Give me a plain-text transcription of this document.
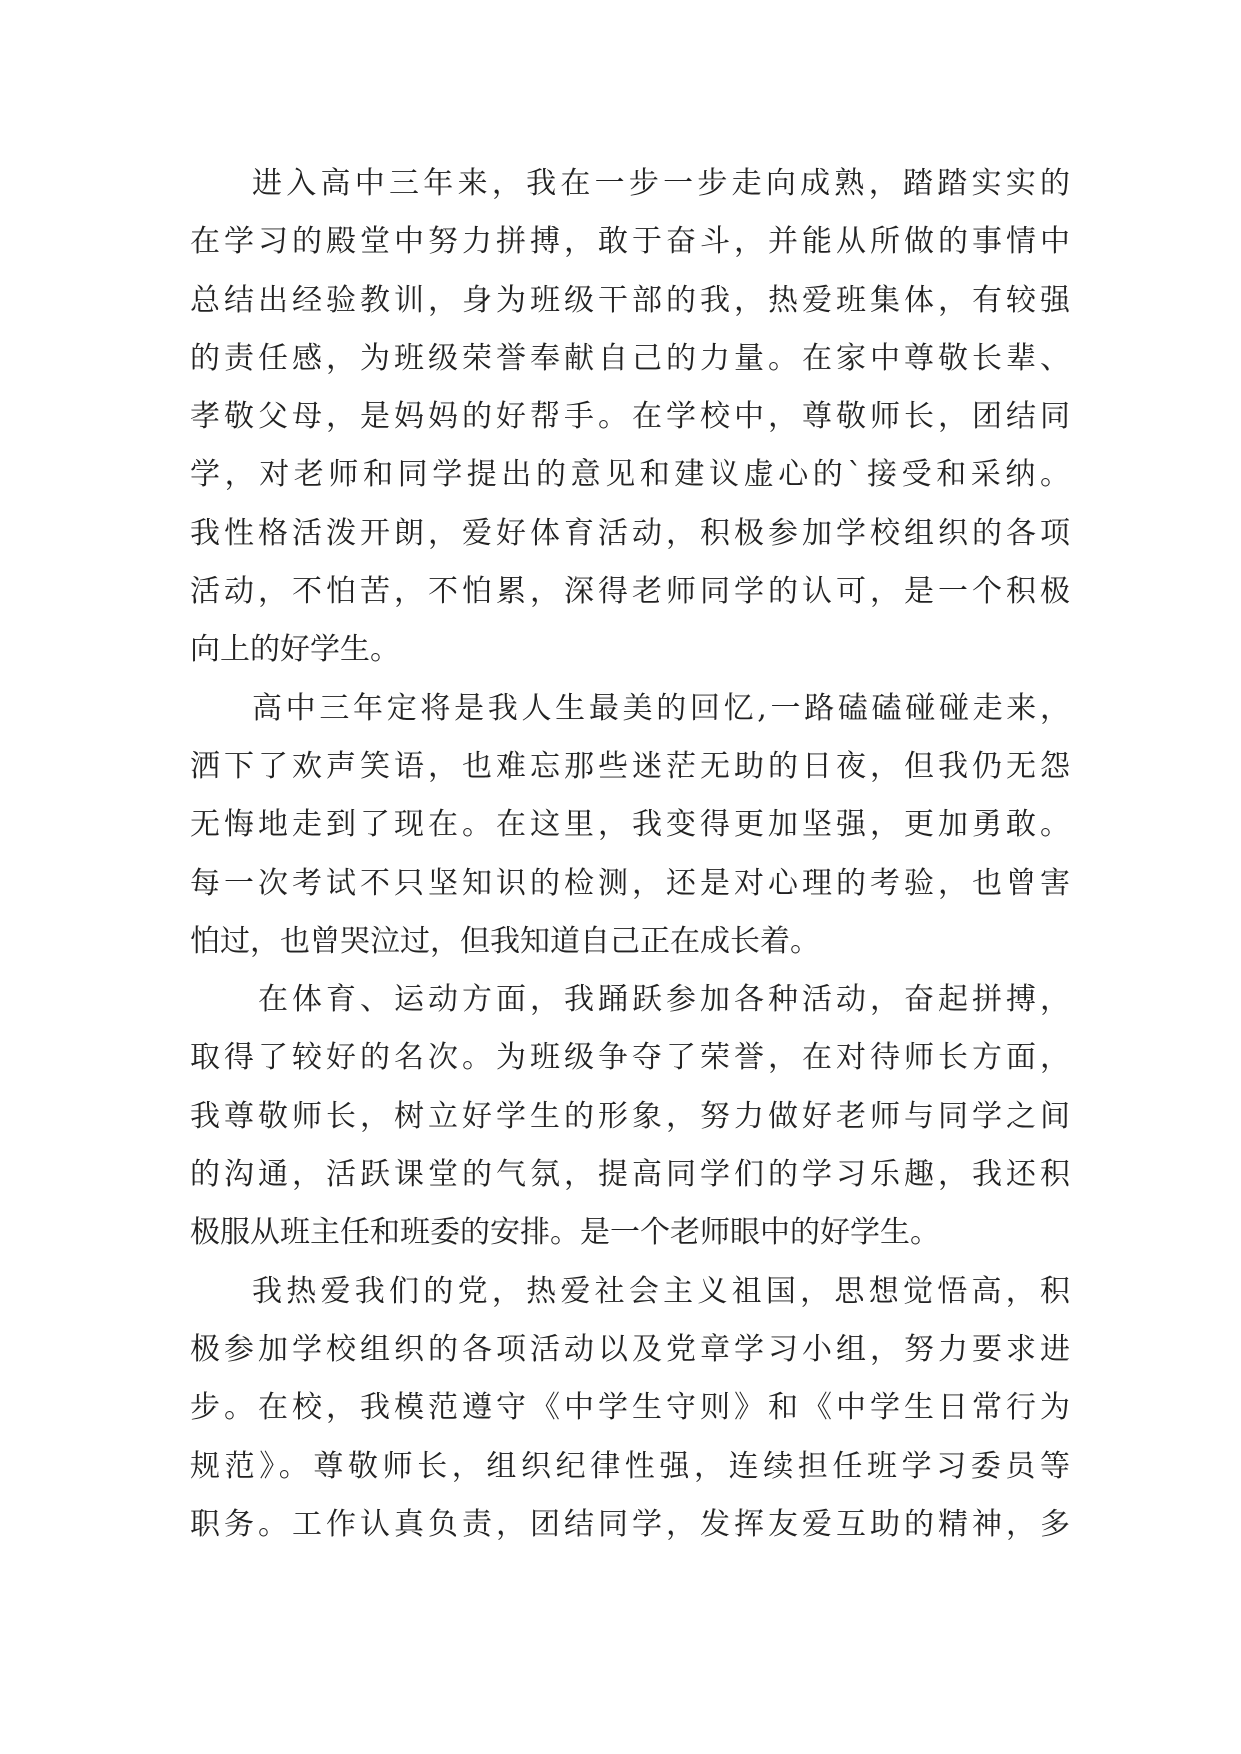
进入高中三年来，我在一步一步走向成熟，踏踏实实的
在学习的殿堂中努力拼搏，敢于奋斗，并能从所做的事情中
总结出经验教训，身为班级干部的我，热爱班集体，有较强
的责任感，为班级荣誉奉献自己的力量。在家中尊敬长辈、
孝敬父母，是妈妈的好帮手。在学校中，尊敬师长，团结同
学，对老师和同学提出的意见和建议虚心的`接受和采纳。
我性格活泼开朗，爱好体育活动，积极参加学校组织的各项
活动，不怕苦，不怕累，深得老师同学的认可，是一个积极
向上的好学生。
高中三年定将是我人生最美的回忆,一路磕磕碰碰走来，
洒下了欢声笑语，也难忘那些迷茫无助的日夜，但我仍无怨
无悔地走到了现在。在这里，我变得更加坚强，更加勇敢。
每一次考试不只坚知识的检测，还是对心理的考验，也曾害
怕过，也曾哭泣过，但我知道自己正在成长着。
在体育、运动方面，我踊跃参加各种活动，奋起拼搏，
取得了较好的名次。为班级争夺了荣誉，在对待师长方面，
我尊敬师长，树立好学生的形象，努力做好老师与同学之间
的沟通，活跃课堂的气氛，提高同学们的学习乐趣，我还积
极服从班主任和班委的安排。是一个老师眼中的好学生。
我热爱我们的党，热爱社会主义祖国，思想觉悟高，积
极参加学校组织的各项活动以及党章学习小组，努力要求进
步。在校，我模范遵守《中学生守则》和《中学生日常行为
规范》。尊敬师长，组织纪律性强，连续担任班学习委员等
职务。工作认真负责，团结同学，发挥友爱互助的精神，多
